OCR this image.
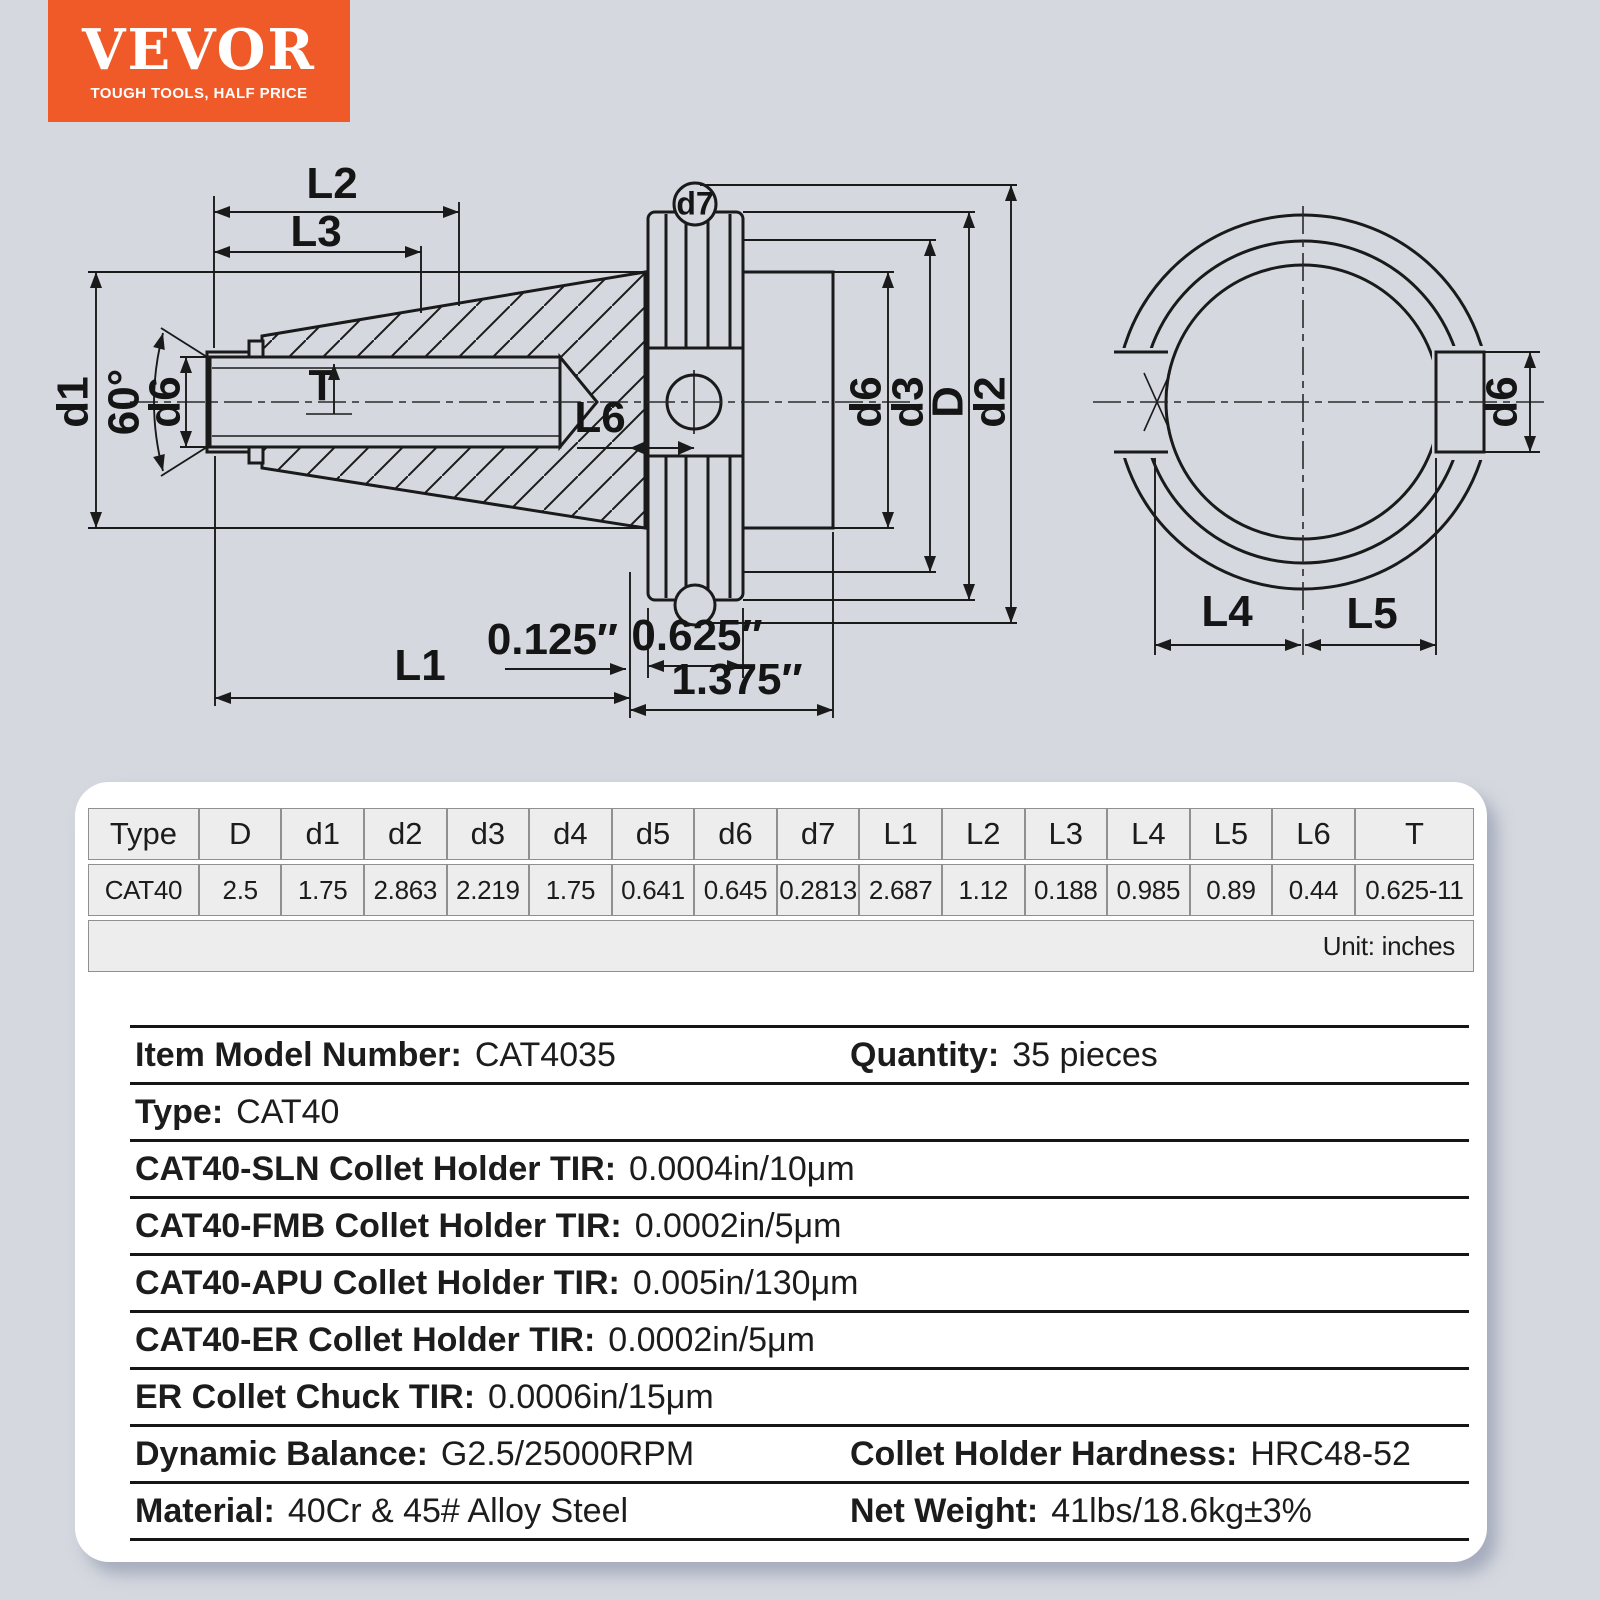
L2
L3
d1 60°
d6	T
d7
L6	d6
d3
D
d2
0.125″ 0.625″
1.375″
L1
L4 L5
d6
VEVOR
TOUGH TOOLS, HALF PRICE
Type	D	d1	d2	d3	d4	d5	d6	d7	L1	L2	L3	L4	L5	L6	T
CAT40	2.5	1.75	2.863	2.219	1.75	0.641	0.645	0.2813	2.687	1.12	0.188	0.985	0.89	0.44	0.625-11
Unit: inches															
Item Model Number: CAT4035	Quantity: 35 pieces
Type: CAT40
CAT40-SLN Collet Holder TIR: 0.0004in/10μm
CAT40-FMB Collet Holder TIR: 0.0002in/5μm
CAT40-APU Collet Holder TIR: 0.005in/130μm
CAT40-ER Collet Holder TIR: 0.0002in/5μm
ER Collet Chuck TIR: 0.0006in/15μm
Dynamic Balance: G2.5/25000RPM	Collet Holder Hardness: HRC48-52
Material: 40Cr & 45# Alloy Steel	Net Weight: 41lbs/18.6kg±3%
